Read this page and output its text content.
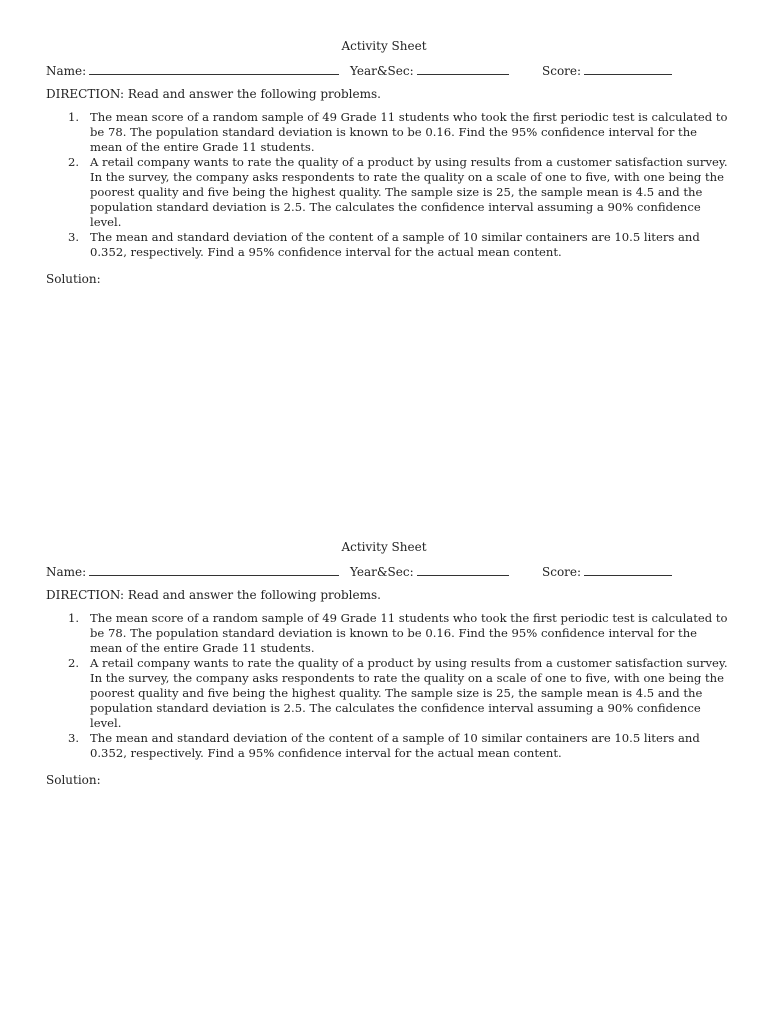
Activity Sheet
Name:	Year&Sec:	Score:
DIRECTION: Read and answer the following problems.
1. The mean score of a random sample of 49 Grade 11 students who took the first periodic test is calculated to be 78. The population standard deviation is known to be 0.16. Find the 95% confidence interval for the mean of the entire Grade 11 students.
2. A retail company wants to rate the quality of a product by using results from a customer satisfaction survey. In the survey, the company asks respondents to rate the quality on a scale of one to five, with one being the poorest quality and five being the highest quality. The sample size is 25, the sample mean is 4.5 and the population standard deviation is 2.5. The calculates the confidence interval assuming a 90% confidence level.
3. The mean and standard deviation of the content of a sample of 10 similar containers are 10.5 liters and 0.352, respectively. Find a 95% confidence interval for the actual mean content.
Solution:
Activity Sheet
Name:	Year&Sec:	Score:
DIRECTION: Read and answer the following problems.
1. The mean score of a random sample of 49 Grade 11 students who took the first periodic test is calculated to be 78. The population standard deviation is known to be 0.16. Find the 95% confidence interval for the mean of the entire Grade 11 students.
2. A retail company wants to rate the quality of a product by using results from a customer satisfaction survey. In the survey, the company asks respondents to rate the quality on a scale of one to five, with one being the poorest quality and five being the highest quality. The sample size is 25, the sample mean is 4.5 and the population standard deviation is 2.5. The calculates the confidence interval assuming a 90% confidence level.
3. The mean and standard deviation of the content of a sample of 10 similar containers are 10.5 liters and 0.352, respectively. Find a 95% confidence interval for the actual mean content.
Solution:
